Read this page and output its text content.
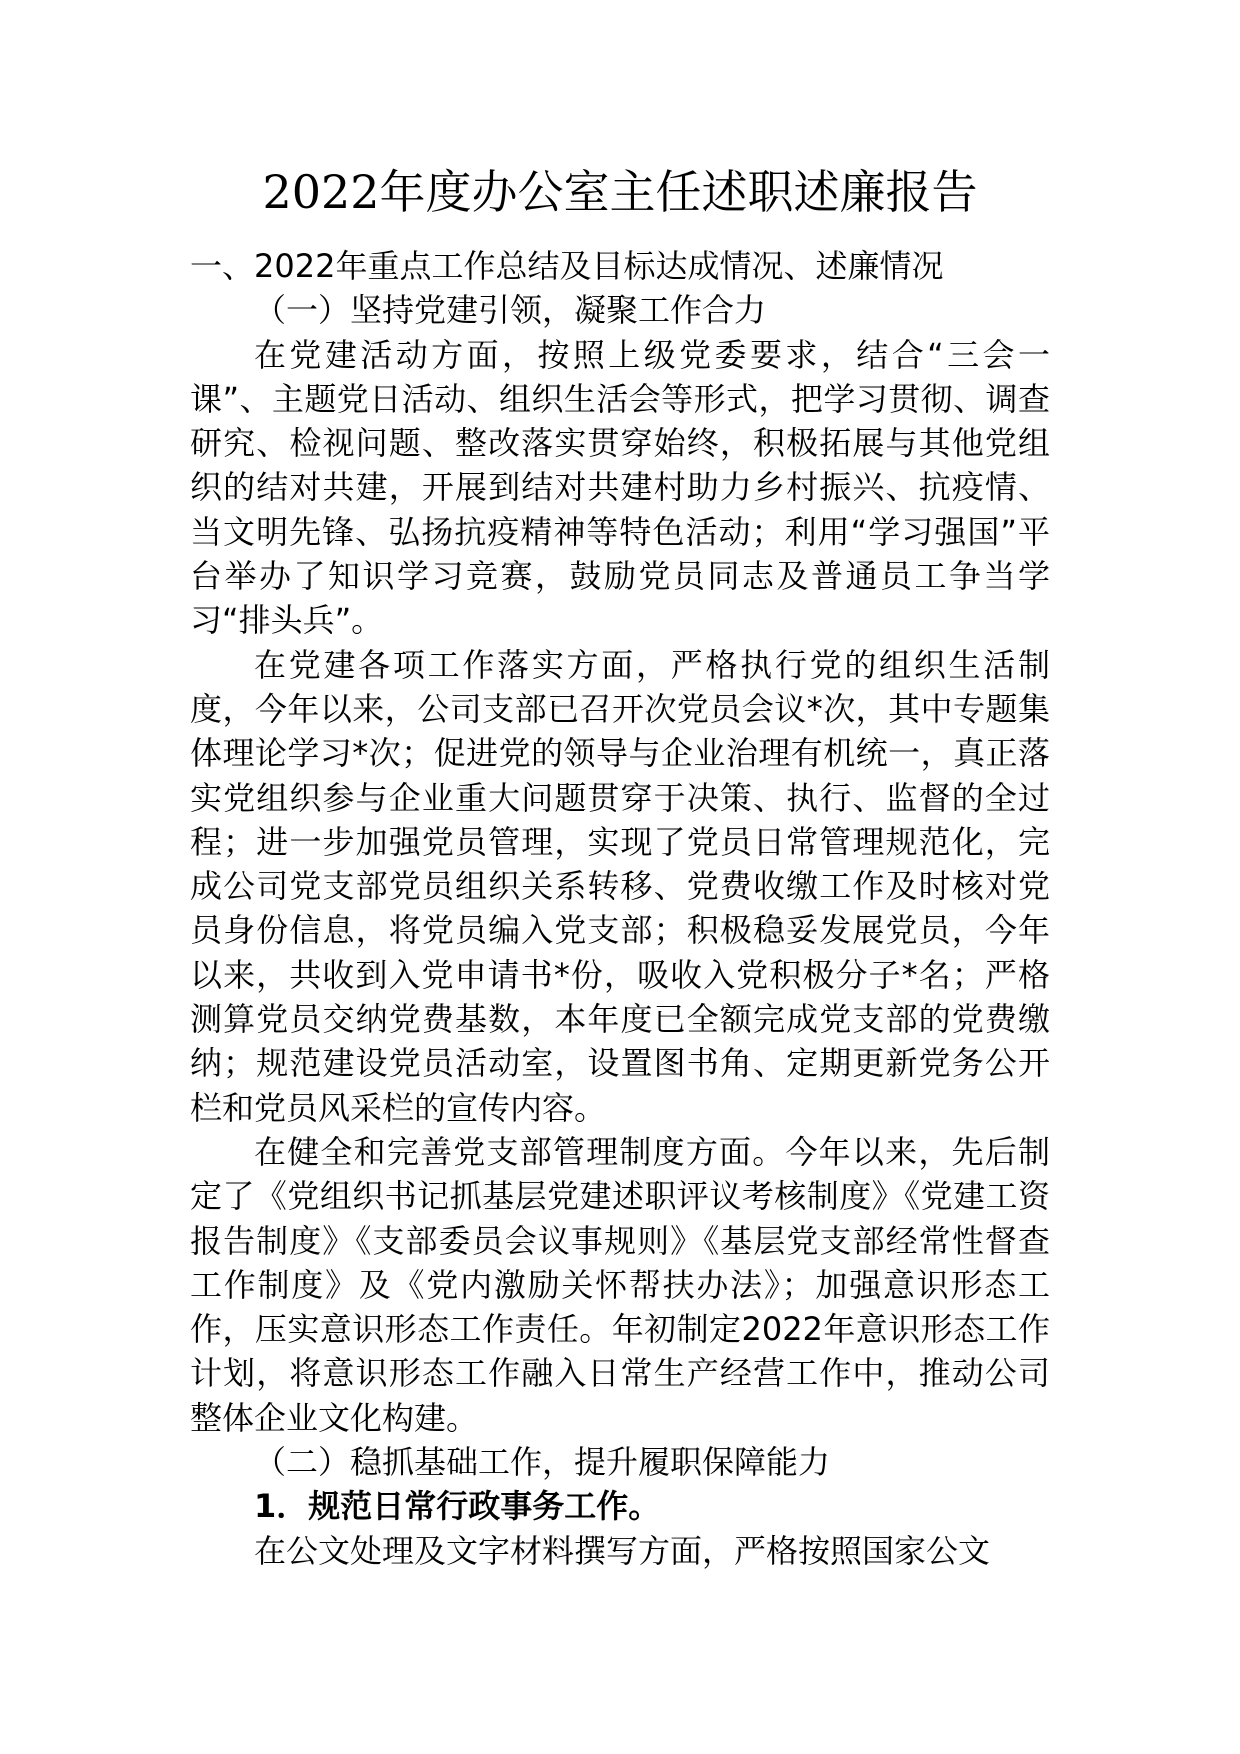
2022年度办公室主任述职述廉报告

一、2022年重点工作总结及目标达成情况、述廉情况

（一）坚持党建引领，凝聚工作合力

在党建活动方面，按照上级党委要求，结合“三会一课”、主题党日活动、组织生活会等形式，把学习贯彻、调查研究、检视问题、整改落实贯穿始终，积极拓展与其他党组织的结对共建，开展到结对共建村助力乡村振兴、抗疫情、当文明先锋、弘扬抗疫精神等特色活动；利用“学习强国”平台举办了知识学习竞赛，鼓励党员同志及普通员工争当学习“排头兵”。

在党建各项工作落实方面，严格执行党的组织生活制度，今年以来，公司支部已召开次党员会议*次，其中专题集体理论学习*次；促进党的领导与企业治理有机统一，真正落实党组织参与企业重大问题贯穿于决策、执行、监督的全过程；进一步加强党员管理，实现了党员日常管理规范化，完成公司党支部党员组织关系转移、党费收缴工作及时核对党员身份信息，将党员编入党支部；积极稳妥发展党员，今年以来，共收到入党申请书*份，吸收入党积极分子*名；严格测算党员交纳党费基数，本年度已全额完成党支部的党费缴纳；规范建设党员活动室，设置图书角、定期更新党务公开栏和党员风采栏的宣传内容。

在健全和完善党支部管理制度方面。今年以来，先后制定了《党组织书记抓基层党建述职评议考核制度》《党建工资报告制度》《支部委员会议事规则》《基层党支部经常性督查工作制度》及《党内激励关怀帮扶办法》；加强意识形态工作，压实意识形态工作责任。年初制定2022年意识形态工作计划，将意识形态工作融入日常生产经营工作中，推动公司整体企业文化构建。

（二）稳抓基础工作，提升履职保障能力

1．规范日常行政事务工作。

在公文处理及文字材料撰写方面，严格按照国家公文
